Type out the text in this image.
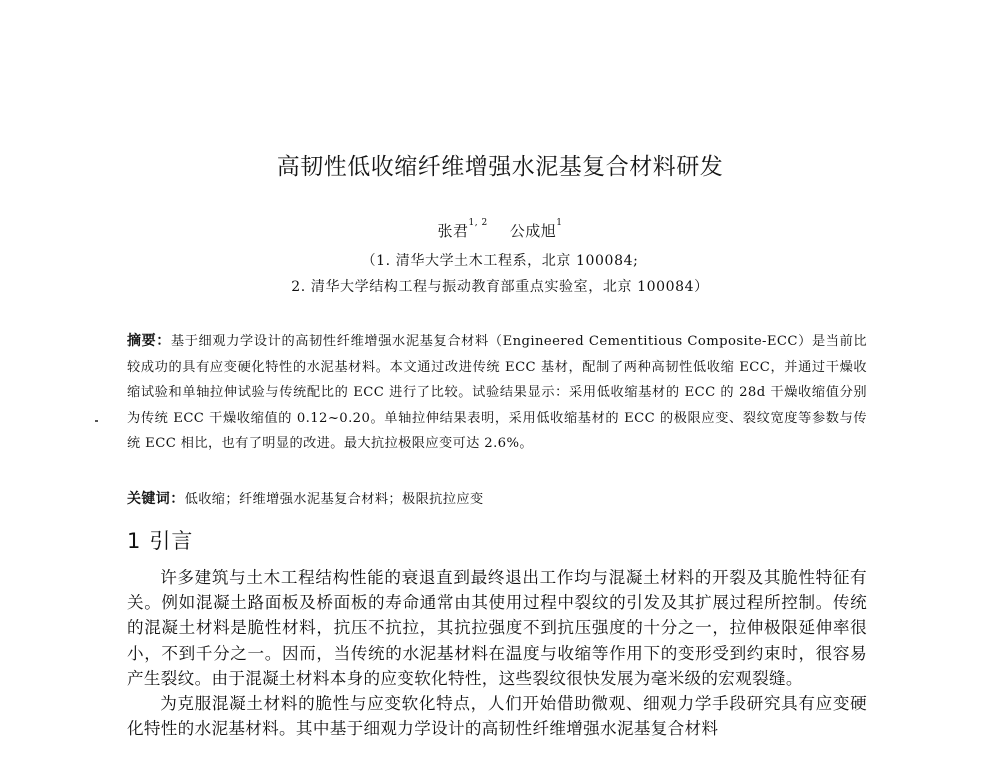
高韧性低收缩纤维增强水泥基复合材料研发
张君$^{1, 2}$ 公成旭$^1$
（1. 清华大学土木工程系，北京 100084;
2. 清华大学结构工程与振动教育部重点实验室，北京 100084）
摘要：基于细观力学设计的高韧性纤维增强水泥基复合材料（Engineered Cementitious Composite-ECC）是当前比较成功的具有应变硬化特性的水泥基材料。本文通过改进传统 ECC 基材，配制了两种高韧性低收缩 ECC，并通过干燥收缩试验和单轴拉伸试验与传统配比的 ECC 进行了比较。试验结果显示：采用低收缩基材的 ECC 的 28d 干燥收缩值分别为传统 ECC 干燥收缩值的 0.12~0.20。单轴拉伸结果表明，采用低收缩基材的 ECC 的极限应变、裂纹宽度等参数与传统 ECC 相比，也有了明显的改进。最大抗拉极限应变可达 2.6%。
关键词：低收缩；纤维增强水泥基复合材料；极限抗拉应变
1 引言

许多建筑与土木工程结构性能的衰退直到最终退出工作均与混凝土材料的开裂及其脆性特征有关。例如混凝土路面板及桥面板的寿命通常由其使用过程中裂纹的引发及其扩展过程所控制。传统的混凝土材料是脆性材料，抗压不抗拉，其抗拉强度不到抗压强度的十分之一，拉伸极限延伸率很小，不到千分之一。因而，当传统的水泥基材料在温度与收缩等作用下的变形受到约束时，很容易产生裂纹。由于混凝土材料本身的应变软化特性，这些裂纹很快发展为毫米级的宏观裂缝。

为克服混凝土材料的脆性与应变软化特点，人们开始借助微观、细观力学手段研究具有应变硬化特性的水泥基材料。其中基于细观力学设计的高韧性纤维增强水泥基复合材料
